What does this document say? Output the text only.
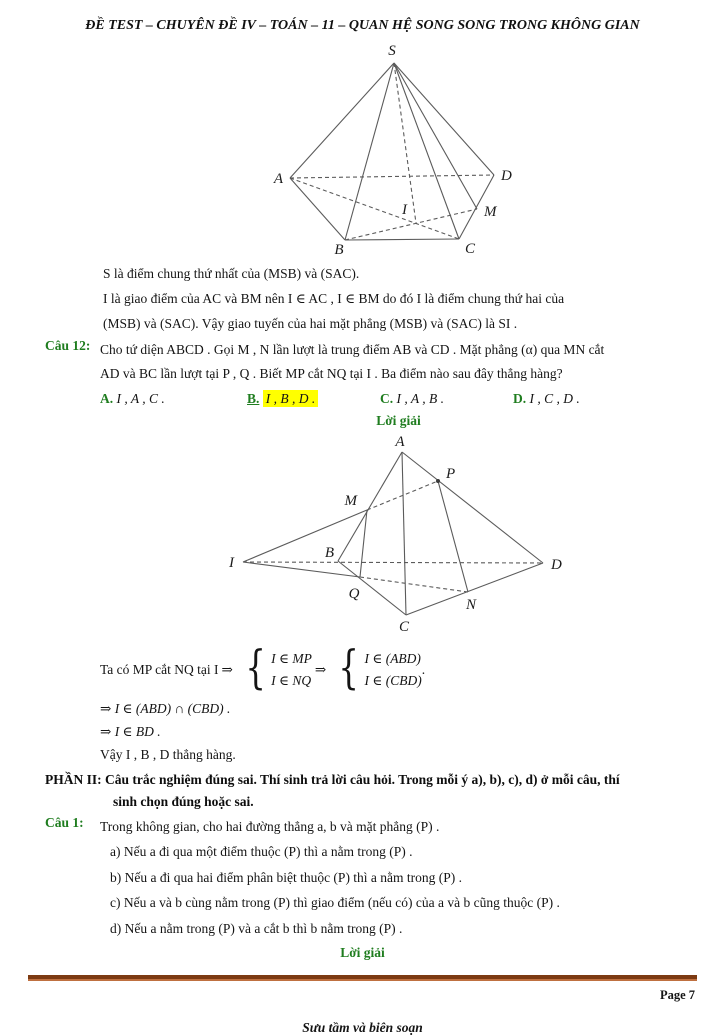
ĐỀ TEST – CHUYÊN ĐỀ IV – TOÁN – 11 – QUAN HỆ SONG SONG TRONG KHÔNG GIAN
S
A	D
B	C
M
I
S là điểm chung thứ nhất của (MSB) và (SAC).
I là giao điểm của AC và BM nên I ∈ AC , I ∈ BM do đó I là điểm chung thứ hai của
(MSB) và (SAC). Vậy giao tuyến của hai mặt phẳng (MSB) và (SAC) là SI .
Câu 12: Cho tứ diện ABCD . Gọi M , N lần lượt là trung điểm AB và CD . Mặt phẳng (α) qua MN cắt
AD và BC lần lượt tại P , Q . Biết MP cắt NQ tại I . Ba điểm nào sau đây thẳng hàng?
A. I , A , C .	B. I , B , D .	C. I , A , B .	D. I , C , D .
Lời giải
A
P
M
I
B
D
Q
N
C
Ta có MP cắt NQ tại I ⇒ { I ∈ MP
I ∈ NQ
⇒ { I ∈ (ABD)
I ∈ (CBD)
.
⇒ I ∈ (ABD) ∩ (CBD) .
⇒ I ∈ BD .
Vậy I , B , D thẳng hàng.
PHẦN II: Câu trắc nghiệm đúng sai. Thí sinh trả lời câu hỏi. Trong mỗi ý a), b), c), d) ở mỗi câu, thí
sinh chọn đúng hoặc sai.
Câu 1:	Trong không gian, cho hai đường thẳng a, b và mặt phẳng (P) .
a) Nếu a đi qua một điểm thuộc (P) thì a nằm trong (P) .
b) Nếu a đi qua hai điểm phân biệt thuộc (P) thì a nằm trong (P) .
c) Nếu a và b cùng nằm trong (P) thì giao điểm (nếu có) của a và b cũng thuộc (P) .
d) Nếu a nằm trong (P) và a cắt b thì b nằm trong (P) .
Lời giải
Page 7
Sưu tầm và biên soạn
